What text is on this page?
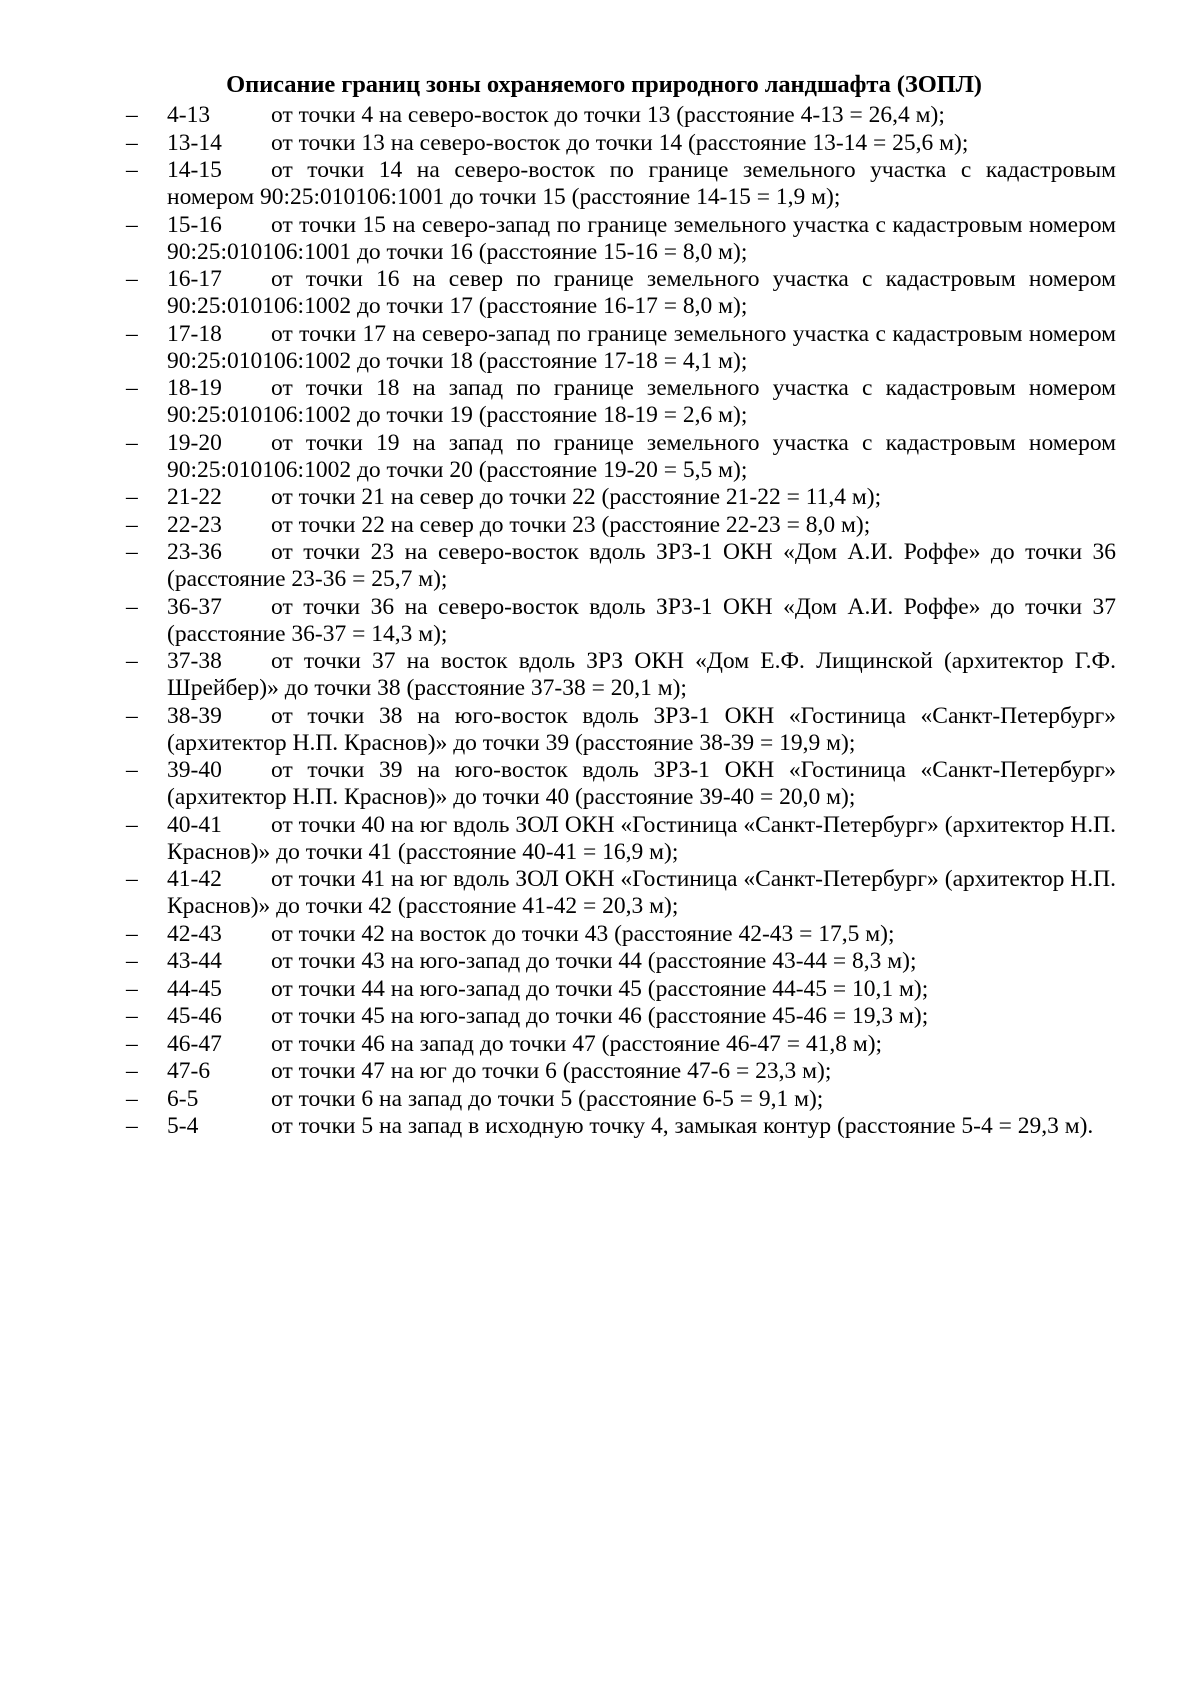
Описание границ зоны охраняемого природного ландшафта (ЗОПЛ)
–	4-13	от точки 4 на северо-восток до точки 13 (расстояние 4-13 = 26,4 м);
–	13-14 от точки 13 на северо-восток до точки 14 (расстояние 13-14 = 25,6 м);
–	14-15 от точки 14 на северо-восток по границе земельного участка с кадастровым номером 90:25:010106:1001 до точки 15 (расстояние 14-15 = 1,9 м);
–	15-16 от точки 15 на северо-запад по границе земельного участка с кадастровым номером 90:25:010106:1001 до точки 16 (расстояние 15-16 = 8,0 м);
–	16-17 от точки 16 на север по границе земельного участка с кадастровым номером 90:25:010106:1002 до точки 17 (расстояние 16-17 = 8,0 м);
–	17-18 от точки 17 на северо-запад по границе земельного участка с кадастровым номером 90:25:010106:1002 до точки 18 (расстояние 17-18 = 4,1 м);
–	18-19 от точки 18 на запад по границе земельного участка с кадастровым номером 90:25:010106:1002 до точки 19 (расстояние 18-19 = 2,6 м);
–	19-20 от точки 19 на запад по границе земельного участка с кадастровым номером 90:25:010106:1002 до точки 20 (расстояние 19-20 = 5,5 м);
–	21-22 от точки 21 на север до точки 22 (расстояние 21-22 = 11,4 м);
–	22-23 от точки 22 на север до точки 23 (расстояние 22-23 = 8,0 м);
–	23-36 от точки 23 на северо-восток вдоль ЗРЗ-1 ОКН «Дом А.И. Роффе» до точки 36 (расстояние 23-36 = 25,7 м);
–	36-37 от точки 36 на северо-восток вдоль ЗРЗ-1 ОКН «Дом А.И. Роффе» до точки 37 (расстояние 36-37 = 14,3 м);
–	37-38 от точки 37 на восток вдоль ЗРЗ ОКН «Дом Е.Ф. Лищинской (архитектор Г.Ф. Шрейбер)» до точки 38 (расстояние 37-38 = 20,1 м);
–	38-39 от точки 38 на юго-восток вдоль ЗРЗ-1 ОКН «Гостиница «Санкт-Петербург» (архитектор Н.П. Краснов)» до точки 39 (расстояние 38-39 = 19,9 м);
–	39-40 от точки 39 на юго-восток вдоль ЗРЗ-1 ОКН «Гостиница «Санкт-Петербург» (архитектор Н.П. Краснов)» до точки 40 (расстояние 39-40 = 20,0 м);
–	40-41 от точки 40 на юг вдоль ЗОЛ ОКН «Гостиница «Санкт-Петербург» (архитектор Н.П. Краснов)» до точки 41 (расстояние 40-41 = 16,9 м);
–	41-42 от точки 41 на юг вдоль ЗОЛ ОКН «Гостиница «Санкт-Петербург» (архитектор Н.П. Краснов)» до точки 42 (расстояние 41-42 = 20,3 м);
–	42-43 от точки 42 на восток до точки 43 (расстояние 42-43 = 17,5 м);
–	43-44 от точки 43 на юго-запад до точки 44 (расстояние 43-44 = 8,3 м);
–	44-45 от точки 44 на юго-запад до точки 45 (расстояние 44-45 = 10,1 м);
–	45-46 от точки 45 на юго-запад до точки 46 (расстояние 45-46 = 19,3 м);
–	46-47 от точки 46 на запад до точки 47 (расстояние 46-47 = 41,8 м);
–	47-6	от точки 47 на юг до точки 6 (расстояние 47-6 = 23,3 м);
–	6-5	от точки 6 на запад до точки 5 (расстояние 6-5 = 9,1 м);
–	5-4	от точки 5 на запад в исходную точку 4, замыкая контур (расстояние 5-4 = 29,3 м).
